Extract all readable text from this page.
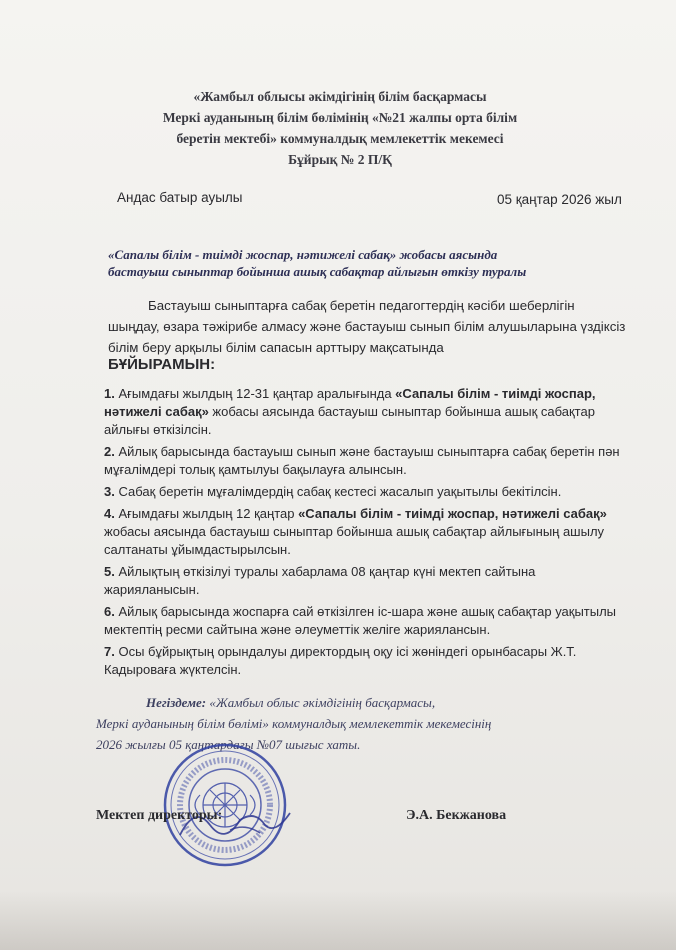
«Жамбыл облысы әкімдігінің білім басқармасы
Меркі ауданының білім бөлімінің «№21 жалпы орта білім
беретін мектебі» коммуналдық мемлекеттік мекемесі
Бұйрық № 2 П/Қ
Андас батыр ауылы	05 қаңтар 2026 жыл
«Сапалы білім - тиімді жоспар, нәтижелі сабақ» жобасы аясында
бастауыш сыныптар бойынша ашық сабақтар айлығын өткізу туралы
Бастауыш сыныптарға сабақ беретін педагогтердің кәсіби шеберлігін шыңдау, өзара тәжірибе алмасу және бастауыш сынып білім алушыларына үздіксіз білім беру арқылы білім сапасын арттыру мақсатында
БҰЙЫРАМЫН:

1. Ағымдағы жылдың 12-31 қаңтар аралығында «Сапалы білім - тиімді жоспар, нәтижелі сабақ» жобасы аясында бастауыш сыныптар бойынша ашық сабақтар айлығы өткізілсін.

2. Айлық барысында бастауыш сынып және бастауыш сыныптарға сабақ беретін пән мұғалімдері толық қамтылуы бақылауға алынсын.

3. Сабақ беретін мұғалімдердің сабақ кестесі жасалып уақытылы бекітілсін.

4. Ағымдағы жылдың 12 қаңтар «Сапалы білім - тиімді жоспар, нәтижелі сабақ» жобасы аясында бастауыш сыныптар бойынша ашық сабақтар айлығының ашылу салтанаты ұйымдастырылсын.

5. Айлықтың өткізілуі туралы хабарлама 08 қаңтар күні мектеп сайтына жарияланысын.

6. Айлық барысында жоспарға сай өткізілген іс-шара және ашық сабақтар уақытылы мектептің ресми сайтына және әлеуметтік желіге жариялансын.

7. Осы бұйрықтың орындалуы директордың оқу ісі жөніндегі орынбасары Ж.Т. Кадыроваға жүктелсін.

Негіздеме: «Жамбыл облыс әкімдігінің басқармасы,
Меркі ауданының білім бөлімі» коммуналдық мемлекеттік мекемесінің
2026 жылғы 05 қаңтардағы №07 шығыс хаты.
Мектеп директоры:	Э.А. Бекжанова
